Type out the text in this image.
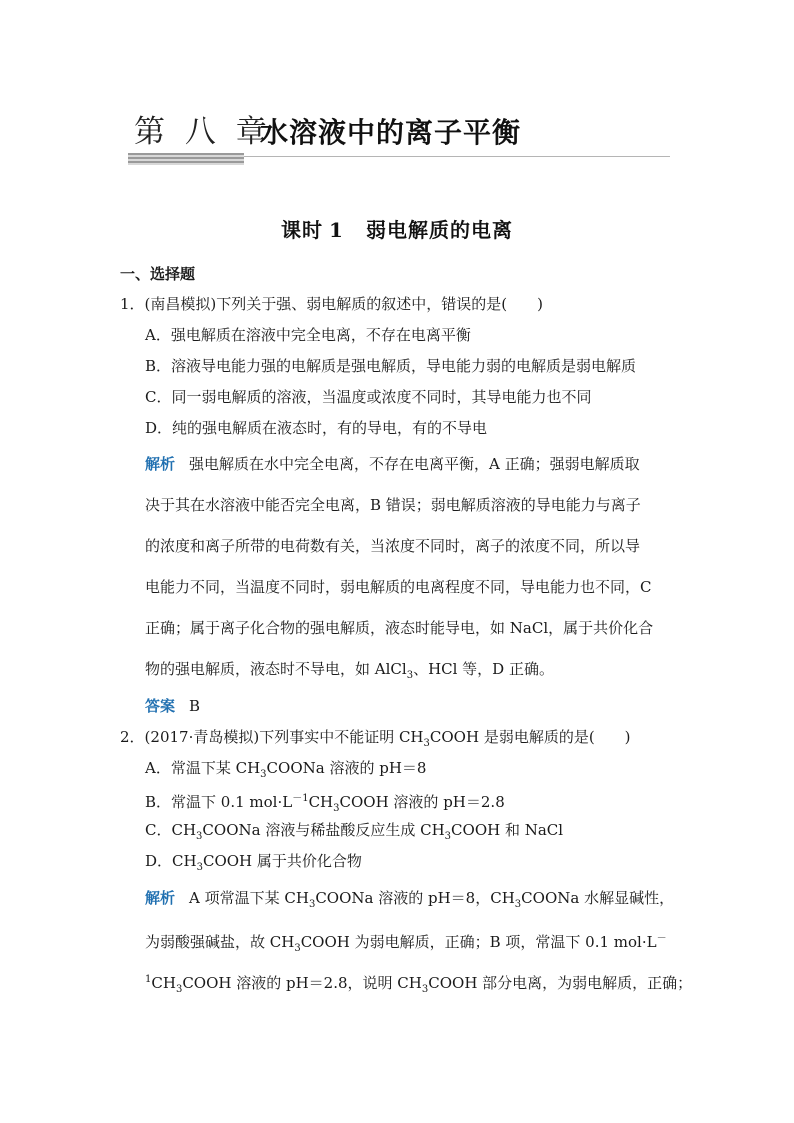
第 八 章
水溶液中的离子平衡
课时 1 弱电解质的电离
一、选择题
1．(南昌模拟)下列关于强、弱电解质的叙述中，错误的是(　　)
A．强电解质在溶液中完全电离，不存在电离平衡
B．溶液导电能力强的电解质是强电解质，导电能力弱的电解质是弱电解质
C．同一弱电解质的溶液，当温度或浓度不同时，其导电能力也不同
D．纯的强电解质在液态时，有的导电，有的不导电
解析 强电解质在水中完全电离，不存在电离平衡，A 正确；强弱电解质取
决于其在水溶液中能否完全电离，B 错误；弱电解质溶液的导电能力与离子
的浓度和离子所带的电荷数有关，当浓度不同时，离子的浓度不同，所以导
电能力不同，当温度不同时，弱电解质的电离程度不同，导电能力也不同，C
正确；属于离子化合物的强电解质，液态时能导电，如 NaCl，属于共价化合
物的强电解质，液态时不导电，如 AlCl$_3$、HCl 等，D 正确。
答案 B
2．(2017·青岛模拟)下列事实中不能证明 $CH_3COOH$ 是弱电解质的是(　　)
A．常温下某 $CH_3COONa$ 溶液的 pH＝8
B．常温下 0.1 $mol\cdot L^{-1}CH_3COOH$ 溶液的 pH＝2.8
C．$CH_3COONa$ 溶液与稀盐酸反应生成 $CH_3COOH$ 和 NaCl
D．$CH_3COOH$ 属于共价化合物
解析 A 项常温下某 $CH_3COONa$ 溶液的 pH＝8，$CH_3COONa$ 水解显碱性，
为弱酸强碱盐，故 $CH_3COOH$ 为弱电解质，正确；B 项，常温下 0.1 mol·L－
$^1CH_3COOH$ 溶液的 pH＝2.8，说明 $CH_3COOH$ 部分电离，为弱电解质，正确；
